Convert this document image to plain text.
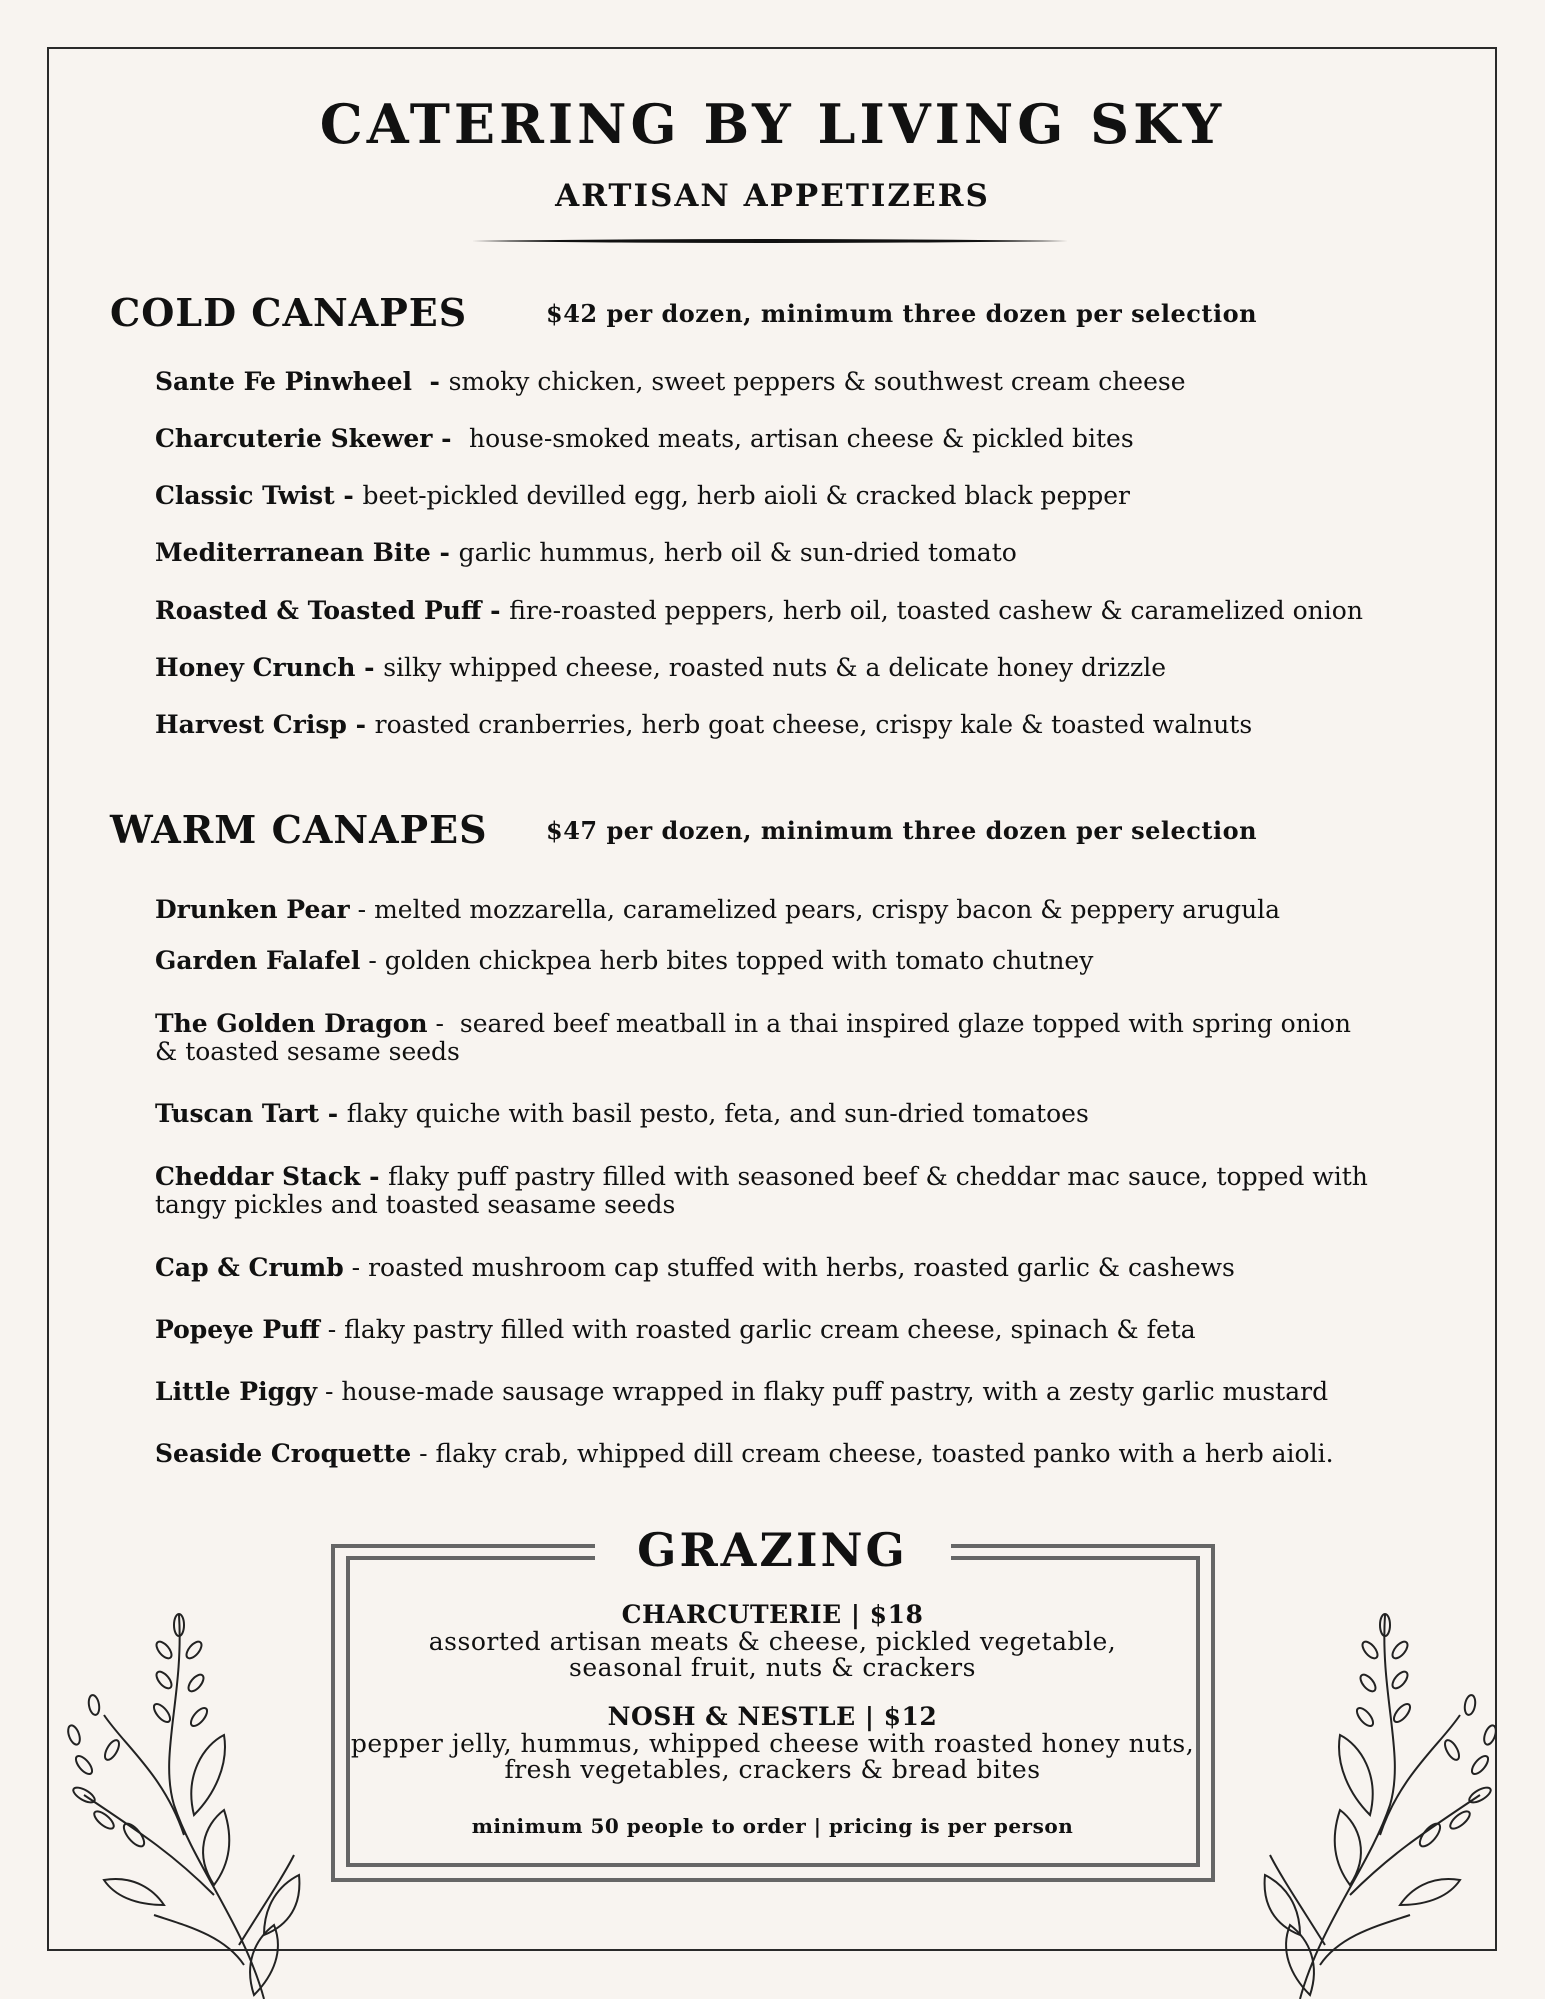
CATERING BY LIVING SKY
ARTISAN APPETIZERS
COLD CANAPES	$42 per dozen, minimum three dozen per selection
Sante Fe Pinwheel  - smoky chicken, sweet peppers & southwest cream cheese
Charcuterie Skewer -  house-smoked meats, artisan cheese & pickled bites
Classic Twist - beet-pickled devilled egg, herb aioli & cracked black pepper
Mediterranean Bite - garlic hummus, herb oil & sun-dried tomato
Roasted & Toasted Puff - fire-roasted peppers, herb oil, toasted cashew & caramelized onion
Honey Crunch - silky whipped cheese, roasted nuts & a delicate honey drizzle
Harvest Crisp - roasted cranberries, herb goat cheese, crispy kale & toasted walnuts
WARM CANAPES $47 per dozen, minimum three dozen per selection
Drunken Pear - melted mozzarella, caramelized pears, crispy bacon & peppery arugula
Garden Falafel - golden chickpea herb bites topped with tomato chutney
The Golden Dragon -  seared beef meatball in a thai inspired glaze topped with spring onion & toasted sesame seeds
Tuscan Tart - flaky quiche with basil pesto, feta, and sun-dried tomatoes
Cheddar Stack - flaky puff pastry filled with seasoned beef & cheddar mac sauce, topped with tangy pickles and toasted seasame seeds
Cap & Crumb - roasted mushroom cap stuffed with herbs, roasted garlic & cashews
Popeye Puff - flaky pastry filled with roasted garlic cream cheese, spinach & feta
Little Piggy - house-made sausage wrapped in flaky puff pastry, with a zesty garlic mustard
Seaside Croquette - flaky crab, whipped dill cream cheese, toasted panko with a herb aioli.
GRAZING
CHARCUTERIE | $18
assorted artisan meats & cheese, pickled vegetable,
seasonal fruit, nuts & crackers
NOSH & NESTLE | $12
pepper jelly, hummus, whipped cheese with roasted honey nuts,
fresh vegetables, crackers & bread bites
minimum 50 people to order | pricing is per person
